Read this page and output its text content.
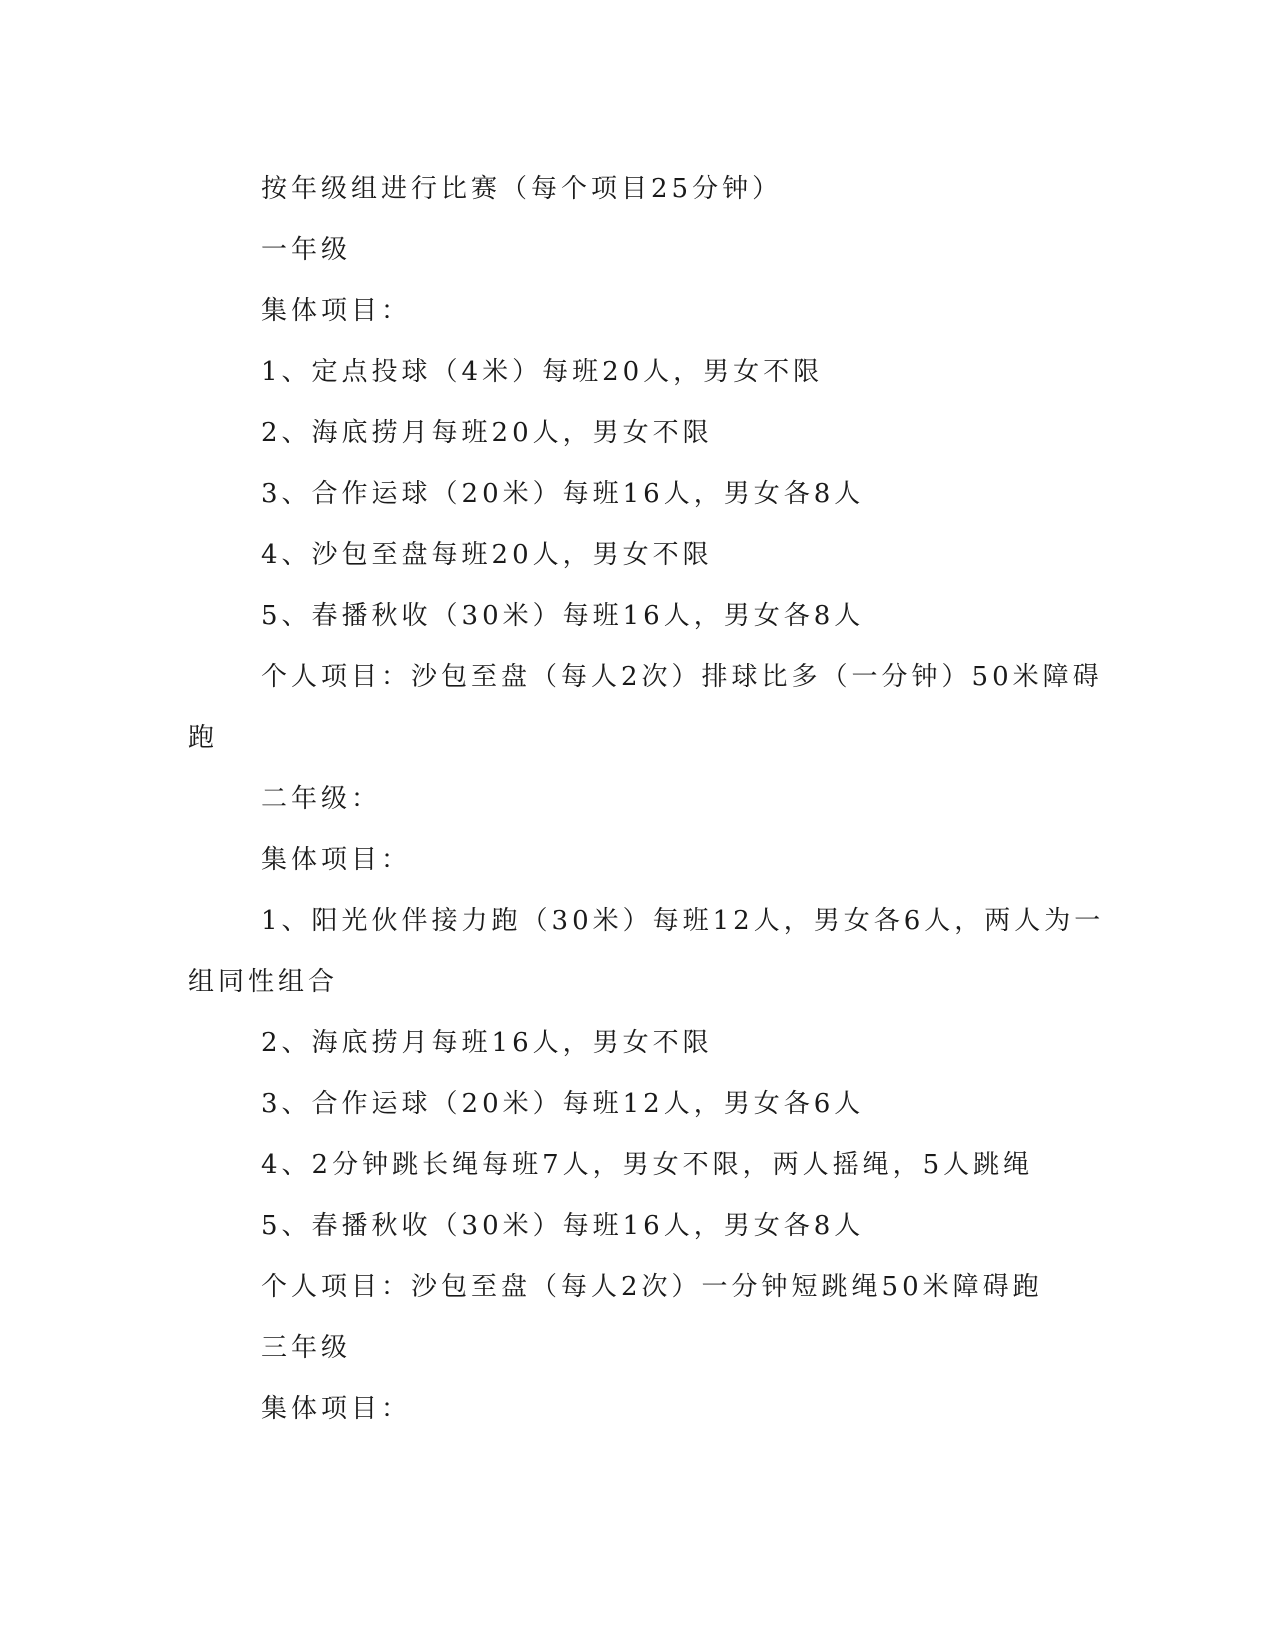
按年级组进行比赛（每个项目25分钟）

一年级

集体项目：

1、定点投球（4米）每班20人，男女不限

2、海底捞月每班20人，男女不限

3、合作运球（20米）每班16人，男女各8人

4、沙包至盘每班20人，男女不限

5、春播秋收（30米）每班16人，男女各8人

个人项目：沙包至盘（每人2次）排球比多（一分钟）50米障碍

跑

二年级：

集体项目：

1、阳光伙伴接力跑（30米）每班12人，男女各6人，两人为一

组同性组合

2、海底捞月每班16人，男女不限

3、合作运球（20米）每班12人，男女各6人

4、2分钟跳长绳每班7人，男女不限，两人摇绳，5人跳绳

5、春播秋收（30米）每班16人，男女各8人

个人项目：沙包至盘（每人2次）一分钟短跳绳50米障碍跑

三年级

集体项目：
